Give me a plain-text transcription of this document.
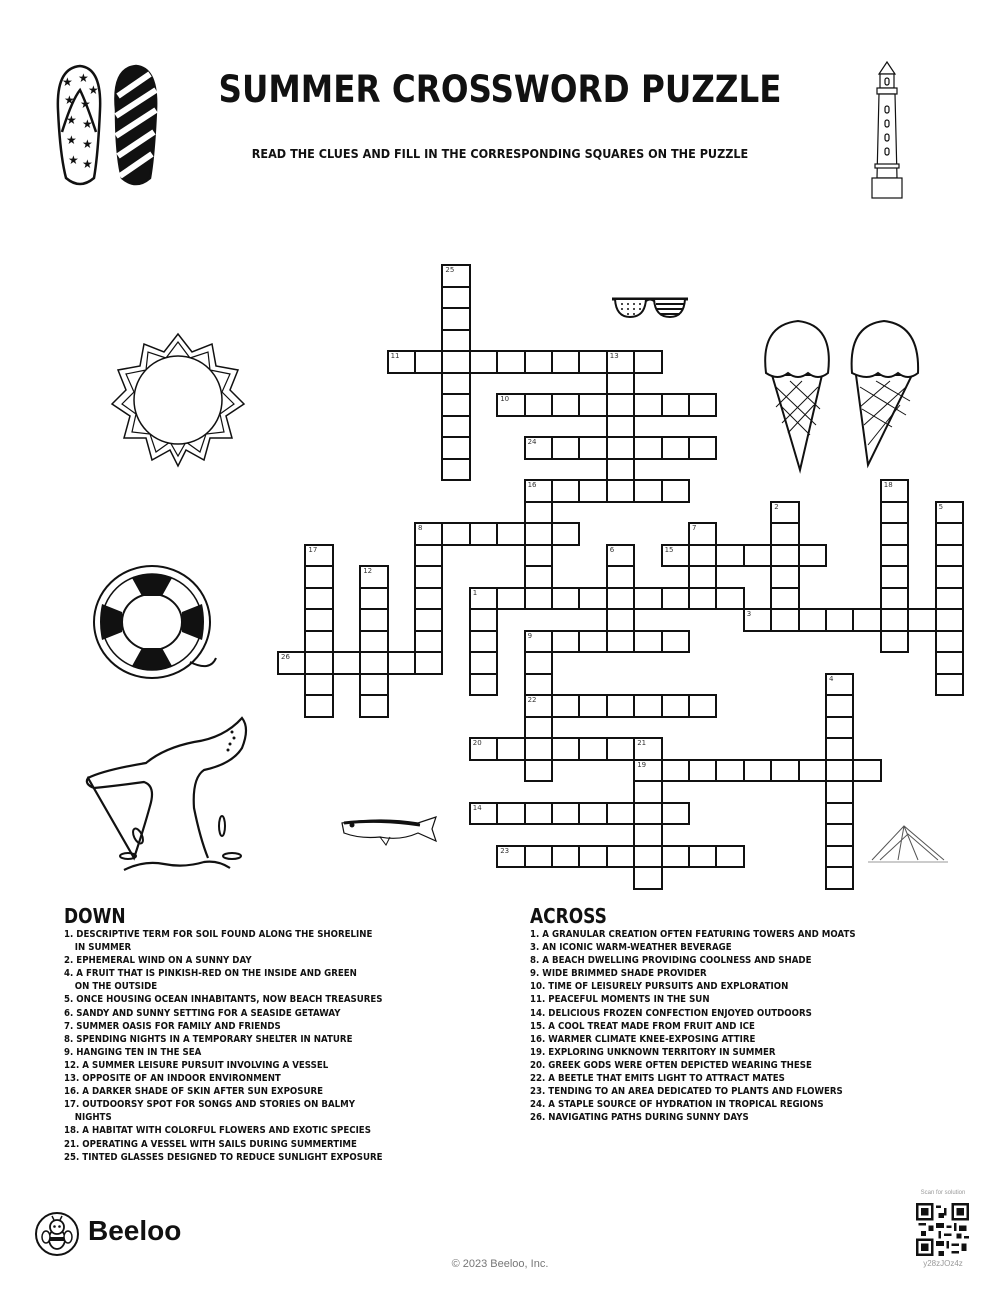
★ ★
★
★ ★
★ ★
★ ★
★ ★
SUMMER CROSSWORD PUZZLE
READ THE CLUES AND FILL IN THE CORRESPONDING SQUARES ON THE PUZZLE
1
2
3
4
5
6
7
8
9
22
10
11	13
12
14
15
16
17
18
19
20	21
23
24
25
26
DOWN
1. DESCRIPTIVE TERM FOR SOIL FOUND ALONG THE SHORELINE
IN SUMMER
2. EPHEMERAL WIND ON A SUNNY DAY
4. A FRUIT THAT IS PINKISH-RED ON THE INSIDE AND GREEN
ON THE OUTSIDE
5. ONCE HOUSING OCEAN INHABITANTS, NOW BEACH TREASURES
6. SANDY AND SUNNY SETTING FOR A SEASIDE GETAWAY
7. SUMMER OASIS FOR FAMILY AND FRIENDS
8. SPENDING NIGHTS IN A TEMPORARY SHELTER IN NATURE
9. HANGING TEN IN THE SEA
12. A SUMMER LEISURE PURSUIT INVOLVING A VESSEL
13. OPPOSITE OF AN INDOOR ENVIRONMENT
16. A DARKER SHADE OF SKIN AFTER SUN EXPOSURE
17. OUTDOORSY SPOT FOR SONGS AND STORIES ON BALMY
NIGHTS
18. A HABITAT WITH COLORFUL FLOWERS AND EXOTIC SPECIES
21. OPERATING A VESSEL WITH SAILS DURING SUMMERTIME
25. TINTED GLASSES DESIGNED TO REDUCE SUNLIGHT EXPOSURE
ACROSS
1. A GRANULAR CREATION OFTEN FEATURING TOWERS AND MOATS
3. AN ICONIC WARM-WEATHER BEVERAGE
8. A BEACH DWELLING PROVIDING COOLNESS AND SHADE
9. WIDE BRIMMED SHADE PROVIDER
10. TIME OF LEISURELY PURSUITS AND EXPLORATION
11. PEACEFUL MOMENTS IN THE SUN
14. DELICIOUS FROZEN CONFECTION ENJOYED OUTDOORS
15. A COOL TREAT MADE FROM FRUIT AND ICE
16. WARMER CLIMATE KNEE-EXPOSING ATTIRE
19. EXPLORING UNKNOWN TERRITORY IN SUMMER
20. GREEK GODS WERE OFTEN DEPICTED WEARING THESE
22. A BEETLE THAT EMITS LIGHT TO ATTRACT MATES
23. TENDING TO AN AREA DEDICATED TO PLANTS AND FLOWERS
24. A STAPLE SOURCE OF HYDRATION IN TROPICAL REGIONS
26. NAVIGATING PATHS DURING SUNNY DAYS
Beeloo
© 2023 Beeloo, Inc.
Scan for solution
y28zJOz4z
